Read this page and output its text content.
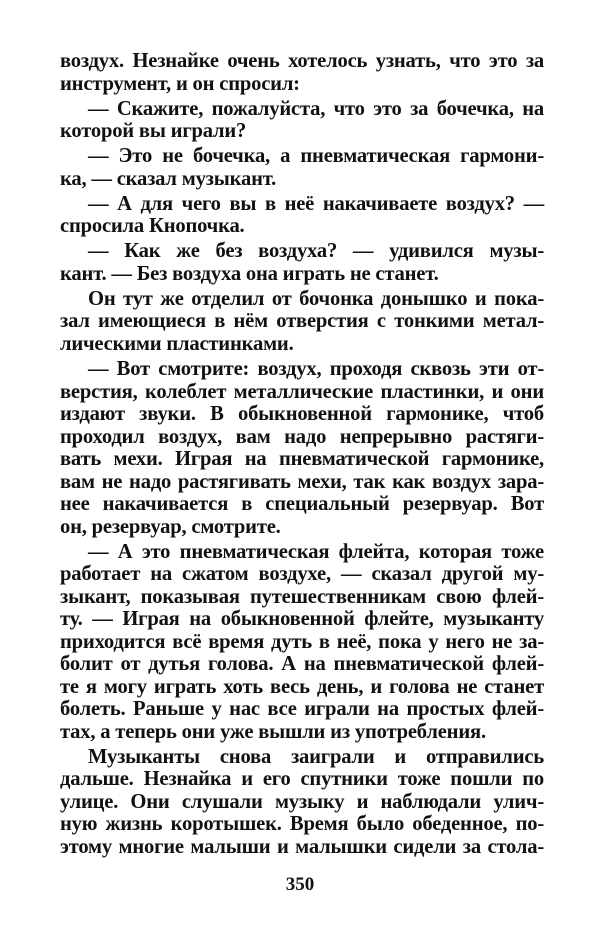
воздух. Незнайке очень хотелось узнать, что это за
инструмент, и он спросил:

— Скажите, пожалуйста, что это за бочечка, на
которой вы играли?

— Это не бочечка, а пневматическая гармони-
ка, — сказал музыкант.

— А для чего вы в неё накачиваете воздух? —
спросила Кнопочка.

— Как же без воздуха? — удивился музы-
кант. — Без воздуха она играть не станет.

Он тут же отделил от бочонка донышко и пока-
зал имеющиеся в нём отверстия с тонкими метал-
лическими пластинками.

— Вот смотрите: воздух, проходя сквозь эти от-
верстия, колеблет металлические пластинки, и они
издают звуки. В обыкновенной гармонике, чтоб
проходил воздух, вам надо непрерывно растяги-
вать мехи. Играя на пневматической гармонике,
вам не надо растягивать мехи, так как воздух зара-
нее накачивается в специальный резервуар. Вот
он, резервуар, смотрите.

— А это пневматическая флейта, которая тоже
работает на сжатом воздухе, — сказал другой му-
зыкант, показывая путешественникам свою флей-
ту. — Играя на обыкновенной флейте, музыканту
приходится всё время дуть в неё, пока у него не за-
болит от дутья голова. А на пневматической флей-
те я могу играть хоть весь день, и голова не станет
болеть. Раньше у нас все играли на простых флей-
тах, а теперь они уже вышли из употребления.

Музыканты снова заиграли и отправились
дальше. Незнайка и его спутники тоже пошли по
улице. Они слушали музыку и наблюдали улич-
ную жизнь коротышек. Время было обеденное, по-
этому многие малыши и малышки сидели за стола-

350
